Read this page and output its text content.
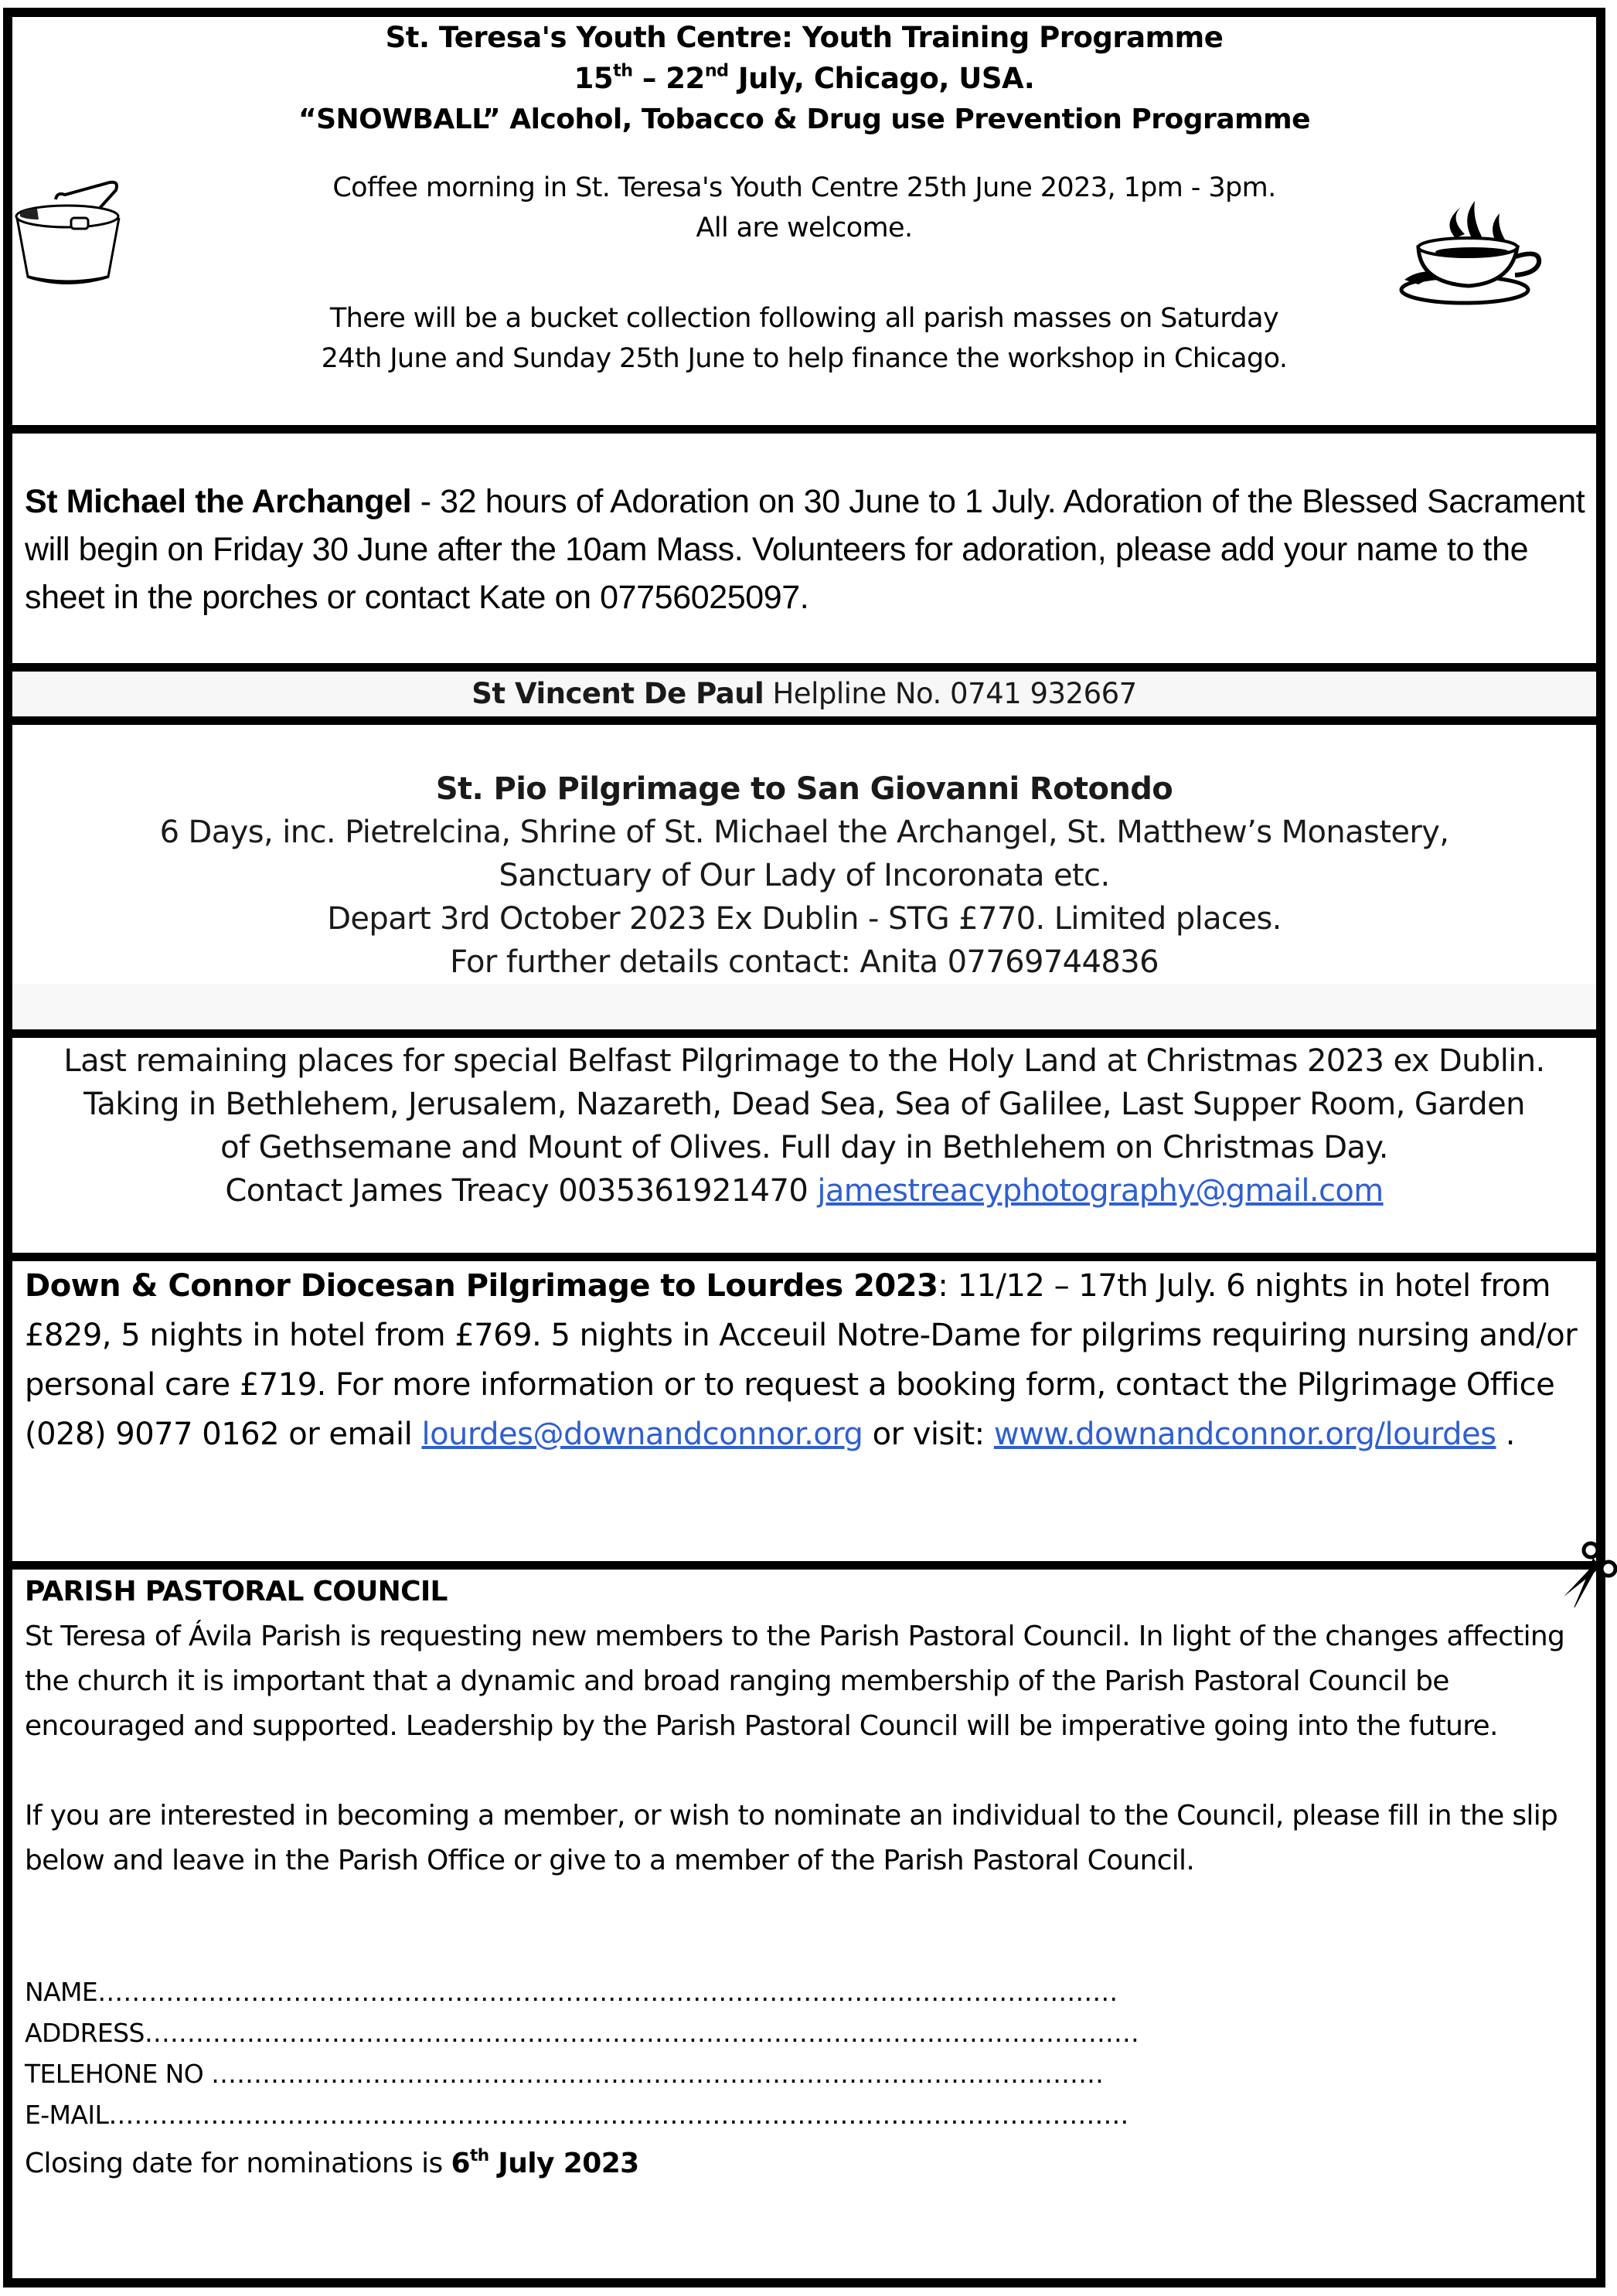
St. Teresa's Youth Centre: Youth Training Programme
15th – 22nd July, Chicago, USA.
“SNOWBALL” Alcohol, Tobacco & Drug use Prevention Programme
Coffee morning in St. Teresa's Youth Centre 25th June 2023, 1pm - 3pm.
All are welcome.
There will be a bucket collection following all parish masses on Saturday
24th June and Sunday 25th June to help finance the workshop in Chicago.
St Michael the Archangel - 32 hours of Adoration on 30 June to 1 July. Adoration of the Blessed Sacrament will begin on Friday 30 June after the 10am Mass. Volunteers for adoration, please add your name to the sheet in the porches or contact Kate on 07756025097.
St Vincent De Paul Helpline No. 0741 932667
St. Pio Pilgrimage to San Giovanni Rotondo
6 Days, inc. Pietrelcina, Shrine of St. Michael the Archangel, St. Matthew’s Monastery,
Sanctuary of Our Lady of Incoronata etc.
Depart 3rd October 2023 Ex Dublin - STG £770. Limited places.
For further details contact: Anita 07769744836
Last remaining places for special Belfast Pilgrimage to the Holy Land at Christmas 2023 ex Dublin.
Taking in Bethlehem, Jerusalem, Nazareth, Dead Sea, Sea of Galilee, Last Supper Room, Garden
of Gethsemane and Mount of Olives. Full day in Bethlehem on Christmas Day.
Contact James Treacy 0035361921470 jamestreacyphotography@gmail.com
Down & Connor Diocesan Pilgrimage to Lourdes 2023: 11/12 – 17th July. 6 nights in hotel from £829, 5 nights in hotel from £769. 5 nights in Acceuil Notre-Dame for pilgrims requiring nursing and/or personal care £719. For more information or to request a booking form, contact the Pilgrimage Office (028) 9077 0162 or email lourdes@downandconnor.org or visit: www.downandconnor.org/lourdes .
PARISH PASTORAL COUNCIL
St Teresa of Ávila Parish is requesting new members to the Parish Pastoral Council. In light of the changes affecting the church it is important that a dynamic and broad ranging membership of the Parish Pastoral Council be encouraged and supported. Leadership by the Parish Pastoral Council will be imperative going into the future.
If you are interested in becoming a member, or wish to nominate an individual to the Council, please fill in the slip below and leave in the Parish Office or give to a member of the Parish Pastoral Council.
NAME…………………………………………………………………………………………………………
ADDRESS………………………………………………………………………………………………………
TELEHONE NO ……………………………………………………………………………………………
E-MAIL…………………………………………………………………………………………………………
Closing date for nominations is 6th July 2023
